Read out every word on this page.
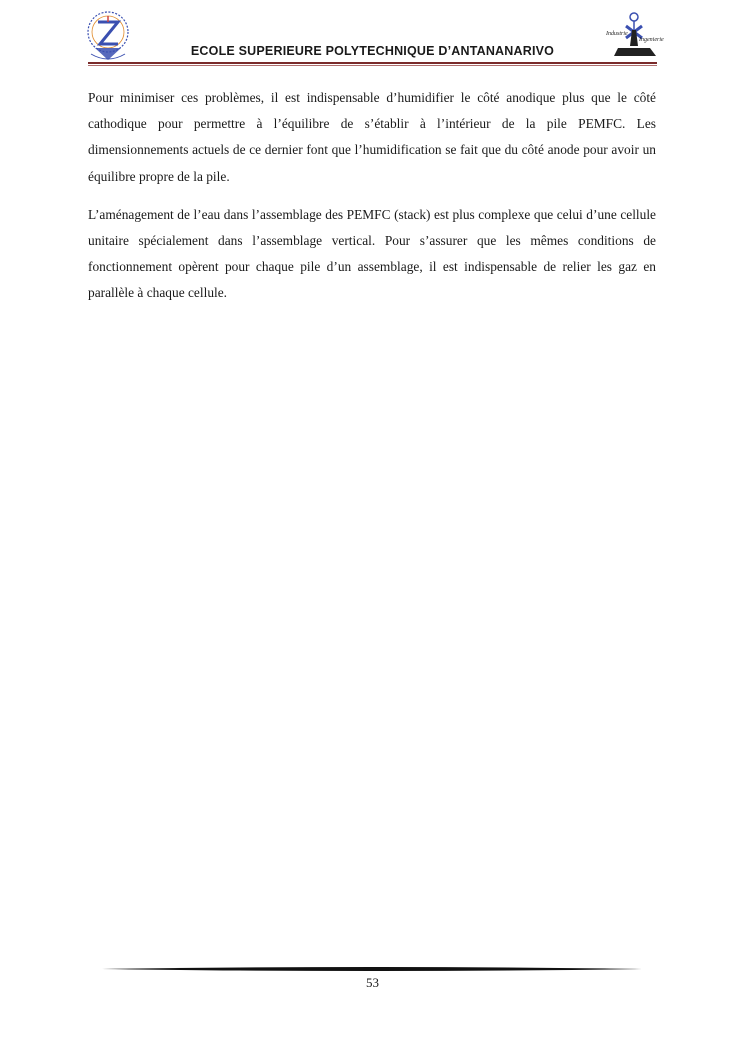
Industrie
Ingenierie
ECOLE SUPERIEURE POLYTECHNIQUE D’ANTANANARIVO

Pour minimiser ces problèmes, il est indispensable d’humidifier le côté anodique plus que le côté cathodique pour permettre à l’équilibre de s’établir à l’intérieur de la pile PEMFC. Les dimensionnements actuels de ce dernier font que l’humidification se fait que du côté anode pour avoir un équilibre propre de la pile.

L’aménagement de l’eau dans l’assemblage des PEMFC (stack) est plus complexe que celui d’une cellule unitaire spécialement dans l’assemblage vertical. Pour s’assurer que les mêmes conditions de fonctionnement opèrent pour chaque pile d’un assemblage, il est indispensable de relier les gaz en parallèle à chaque cellule.

53
